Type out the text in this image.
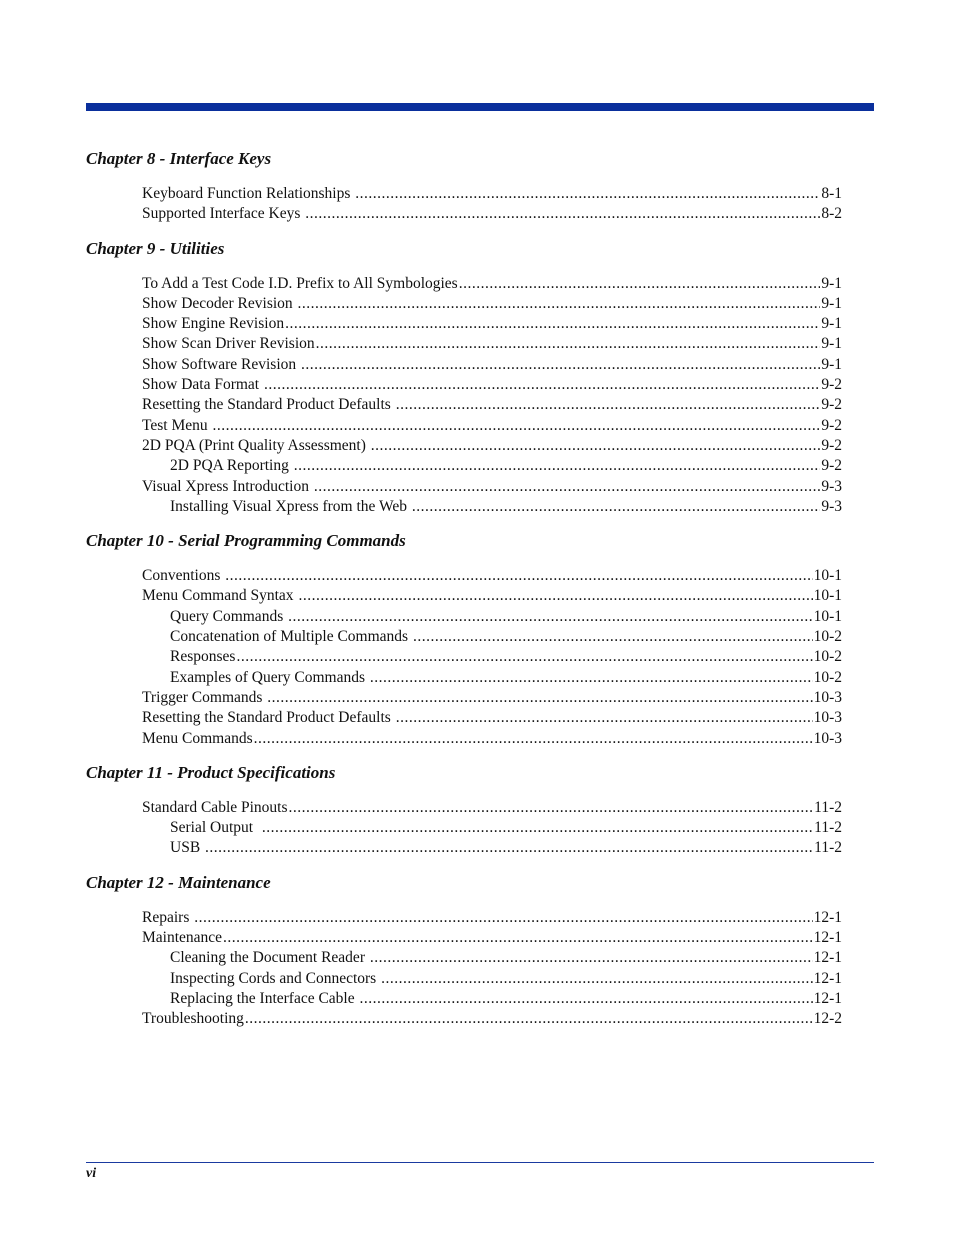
Chapter 8 - Interface Keys
Keyboard Function Relationships .....	8-1
Supported Interface Keys .....	8-2
Chapter 9 - Utilities
To Add a Test Code I.D. Prefix to All Symbologies .....	9-1
Show Decoder Revision .....	9-1
Show Engine Revision .....	9-1
Show Scan Driver Revision .....	9-1
Show Software Revision .....	9-1
Show Data Format .....	9-2
Resetting the Standard Product Defaults .....	9-2
Test Menu .....	9-2
2D PQA (Print Quality Assessment) .....	9-2
2D PQA Reporting .....	9-2
Visual Xpress Introduction .....	9-3
Installing Visual Xpress from the Web .....	9-3
Chapter 10 - Serial Programming Commands
Conventions .....	10-1
Menu Command Syntax .....	10-1
Query Commands .....	10-1
Concatenation of Multiple Commands .....	10-2
Responses .....	10-2
Examples of Query Commands .....	10-2
Trigger Commands .....	10-3
Resetting the Standard Product Defaults .....	10-3
Menu Commands .....	10-3
Chapter 11 - Product Specifications
Standard Cable Pinouts .....	11-2
Serial Output .....	11-2
USB .....	11-2
Chapter 12 - Maintenance
Repairs .....	12-1
Maintenance .....	12-1
Cleaning the Document Reader .....	12-1
Inspecting Cords and Connectors .....	12-1
Replacing the Interface Cable .....	12-1
Troubleshooting .....	12-2
vi
